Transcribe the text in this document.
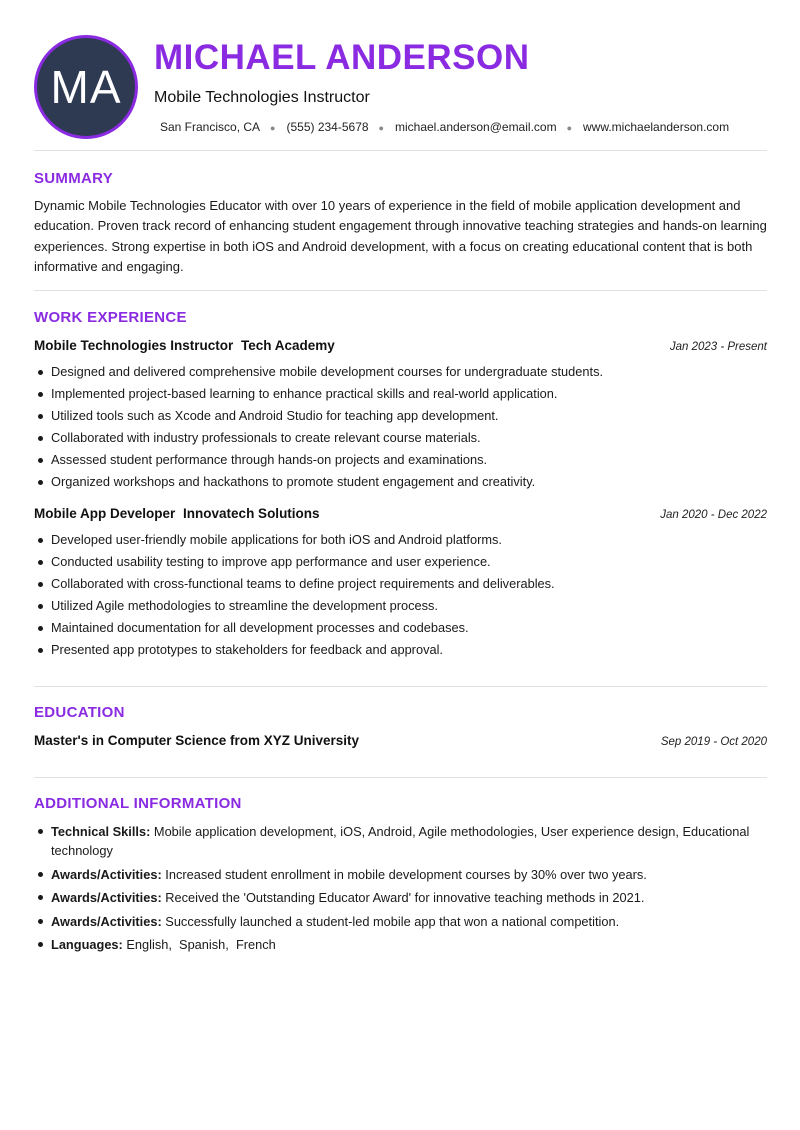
MA
MICHAEL ANDERSON
Mobile Technologies Instructor
San Francisco, CA ● (555) 234-5678 ● michael.anderson@email.com ● www.michaelanderson.com
SUMMARY
Dynamic Mobile Technologies Educator with over 10 years of experience in the field of mobile application development and education. Proven track record of enhancing student engagement through innovative teaching strategies and hands-on learning experiences. Strong expertise in both iOS and Android development, with a focus on creating educational content that is both informative and engaging.
WORK EXPERIENCE
Mobile Technologies Instructor Tech Academy	Jan 2023 - Present
Designed and delivered comprehensive mobile development courses for undergraduate students.
Implemented project-based learning to enhance practical skills and real-world application.
Utilized tools such as Xcode and Android Studio for teaching app development.
Collaborated with industry professionals to create relevant course materials.
Assessed student performance through hands-on projects and examinations.
Organized workshops and hackathons to promote student engagement and creativity.
Mobile App Developer Innovatech Solutions	Jan 2020 - Dec 2022
Developed user-friendly mobile applications for both iOS and Android platforms.
Conducted usability testing to improve app performance and user experience.
Collaborated with cross-functional teams to define project requirements and deliverables.
Utilized Agile methodologies to streamline the development process.
Maintained documentation for all development processes and codebases.
Presented app prototypes to stakeholders for feedback and approval.
EDUCATION
Master's in Computer Science from XYZ University	Sep 2019 - Oct 2020
ADDITIONAL INFORMATION
Technical Skills: Mobile application development, iOS, Android, Agile methodologies, User experience design, Educational technology
Awards/Activities: Increased student enrollment in mobile development courses by 30% over two years.
Awards/Activities: Received the 'Outstanding Educator Award' for innovative teaching methods in 2021.
Awards/Activities: Successfully launched a student-led mobile app that won a national competition.
Languages: English,  Spanish,  French
